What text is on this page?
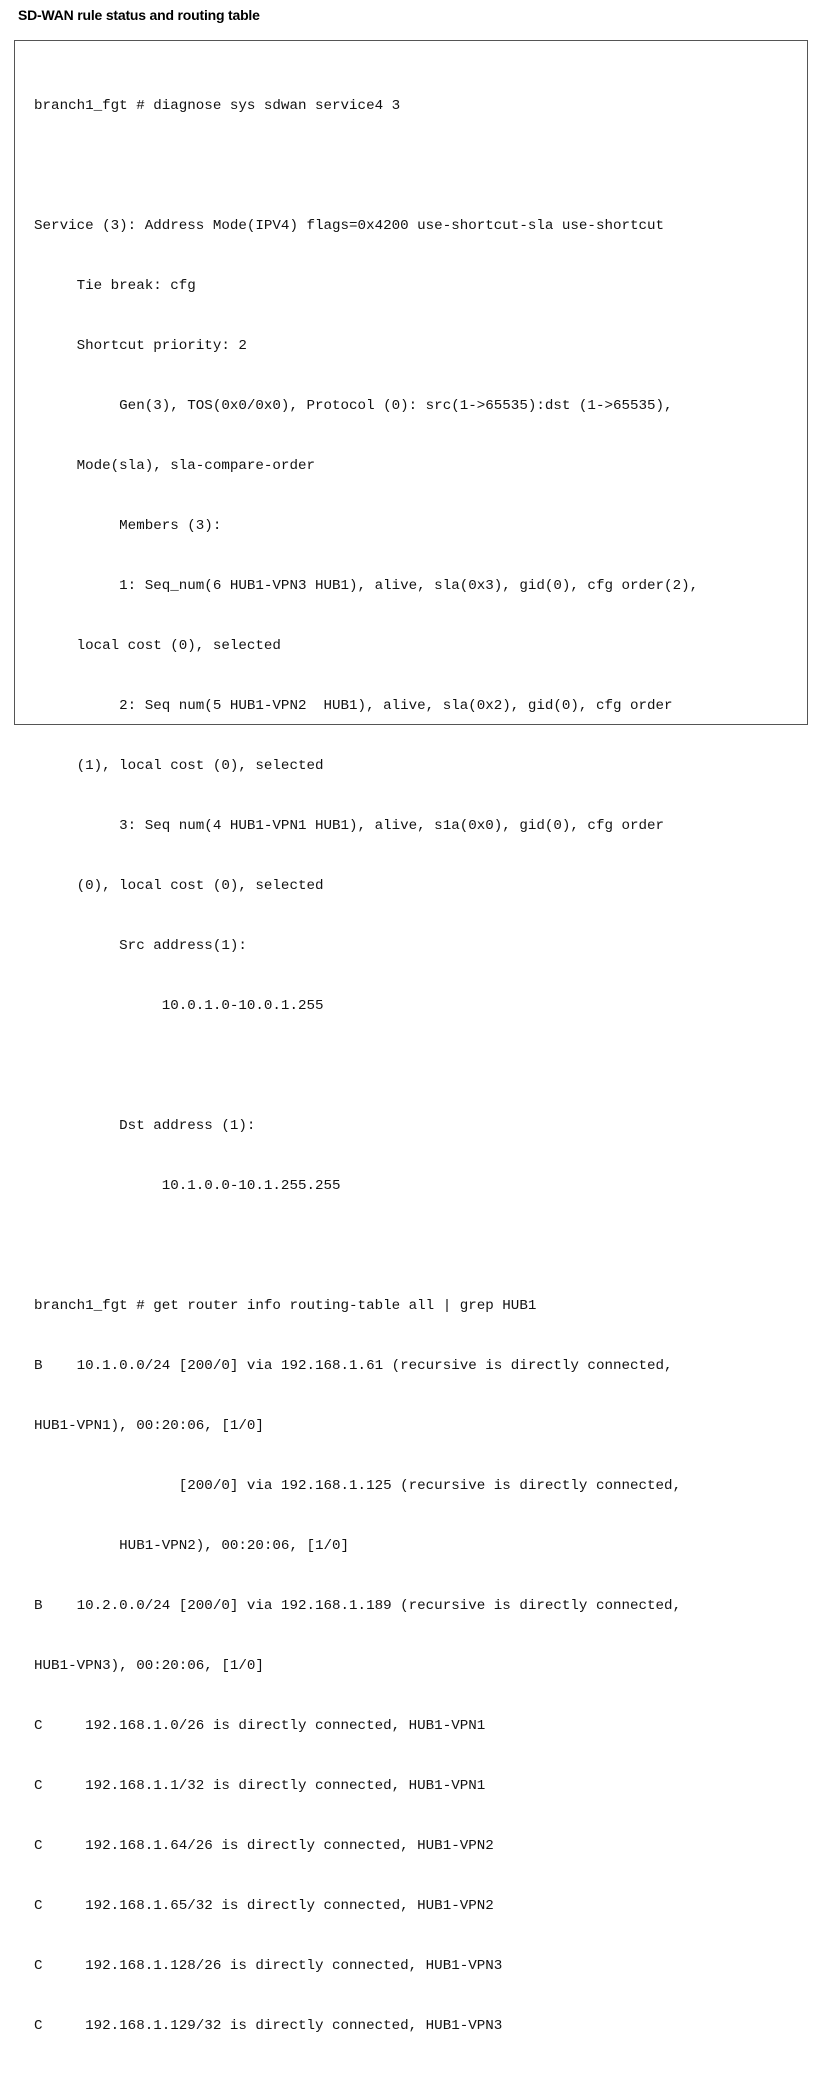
SD-WAN rule status and routing table

branch1_fgt # diagnose sys sdwan service4 3

Service (3): Address Mode(IPV4) flags=0x4200 use-shortcut-sla use-shortcut

Tie break: cfg

Shortcut priority: 2

Gen(3), TOS(0x0/0x0), Protocol (0): src(1->65535):dst (1->65535),

Mode(sla), sla-compare-order

Members (3):

1: Seq_num(6 HUB1-VPN3 HUB1), alive, sla(0x3), gid(0), cfg order(2),

local cost (0), selected

2: Seq num(5 HUB1-VPN2  HUB1), alive, sla(0x2), gid(0), cfg order

(1), local cost (0), selected

3: Seq num(4 HUB1-VPN1 HUB1), alive, s1a(0x0), gid(0), cfg order

(0), local cost (0), selected

Src address(1):

10.0.1.0-10.0.1.255

Dst address (1):

10.1.0.0-10.1.255.255

branch1_fgt # get router info routing-table all | grep HUB1

B    10.1.0.0/24 [200/0] via 192.168.1.61 (recursive is directly connected,

HUB1-VPN1), 00:20:06, [1/0]

[200/0] via 192.168.1.125 (recursive is directly connected,

HUB1-VPN2), 00:20:06, [1/0]

B    10.2.0.0/24 [200/0] via 192.168.1.189 (recursive is directly connected,

HUB1-VPN3), 00:20:06, [1/0]

C     192.168.1.0/26 is directly connected, HUB1-VPN1

C     192.168.1.1/32 is directly connected, HUB1-VPN1

C     192.168.1.64/26 is directly connected, HUB1-VPN2

C     192.168.1.65/32 is directly connected, HUB1-VPN2

C     192.168.1.128/26 is directly connected, HUB1-VPN3

C     192.168.1.129/32 is directly connected, HUB1-VPN3
